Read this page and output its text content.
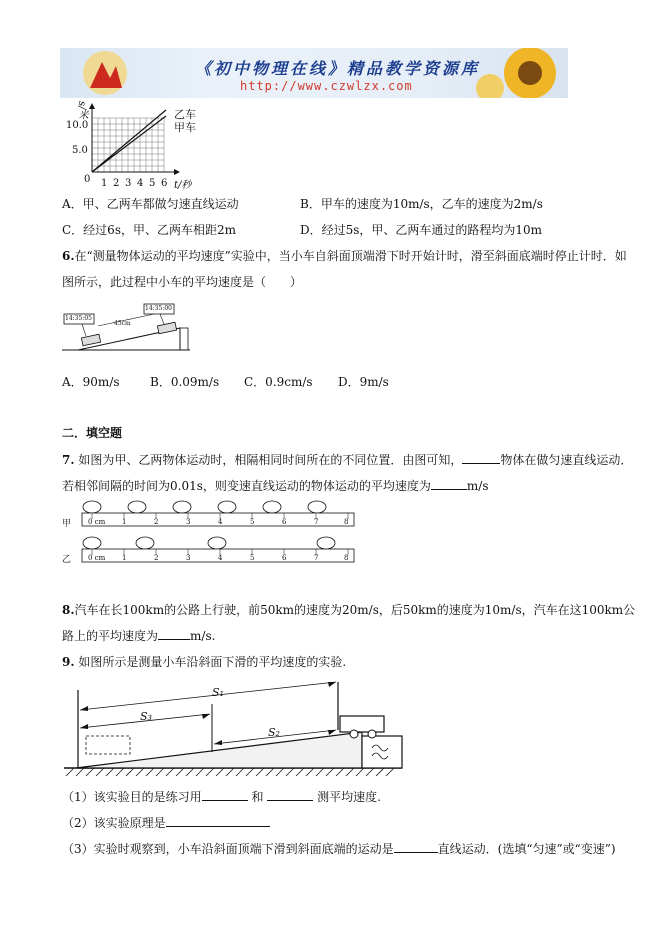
《初中物理在线》精品教学资源库
http://www.czwlzx.com
s/米
10.0
5.0
0 1 2 3 4 5 6 t/秒
乙车
甲车
A．甲、乙两车都做匀速直线运动	B．甲车的速度为10m/s，乙车的速度为2m/s
C．经过6s，甲、乙两车相距2m	D．经过5s，甲、乙两车通过的路程均为10m
6.在“测量物体运动的平均速度”实验中，当小车自斜面顶端滑下时开始计时，滑至斜面底端时停止计时．如
图所示，此过程中小车的平均速度是（　　）
14:35:05
14:35:00
45cm
A．90m/s	B．0.09m/s C．0.9cm/s D．9m/s
二．填空题
7. 如图为甲、乙两物体运动时，相隔相同时间所在的不同位置．由图可知，	物体在做匀速直线运动．
若相邻间隔的时间为0.01s，则变速直线运动的物体运动的平均速度为	m/s
甲
乙
0 cm 1	2	3	4	5	6	7	8
0 cm 1	2	3	4	5	6	7	8
8.汽车在长100km的公路上行驶，前50km的速度为20m/s，后50km的速度为10m/s，汽车在这100km公
路上的平均速度为	m/s.
9. 如图所示是测量小车沿斜面下滑的平均速度的实验.
S₁
S₃
S₂
（1）该实验目的是练习用	和	测平均速度.
（2）该实验原理是
（3）实验时观察到，小车沿斜面顶端下滑到斜面底端的运动是	直线运动．(选填“匀速”或“变速”)
